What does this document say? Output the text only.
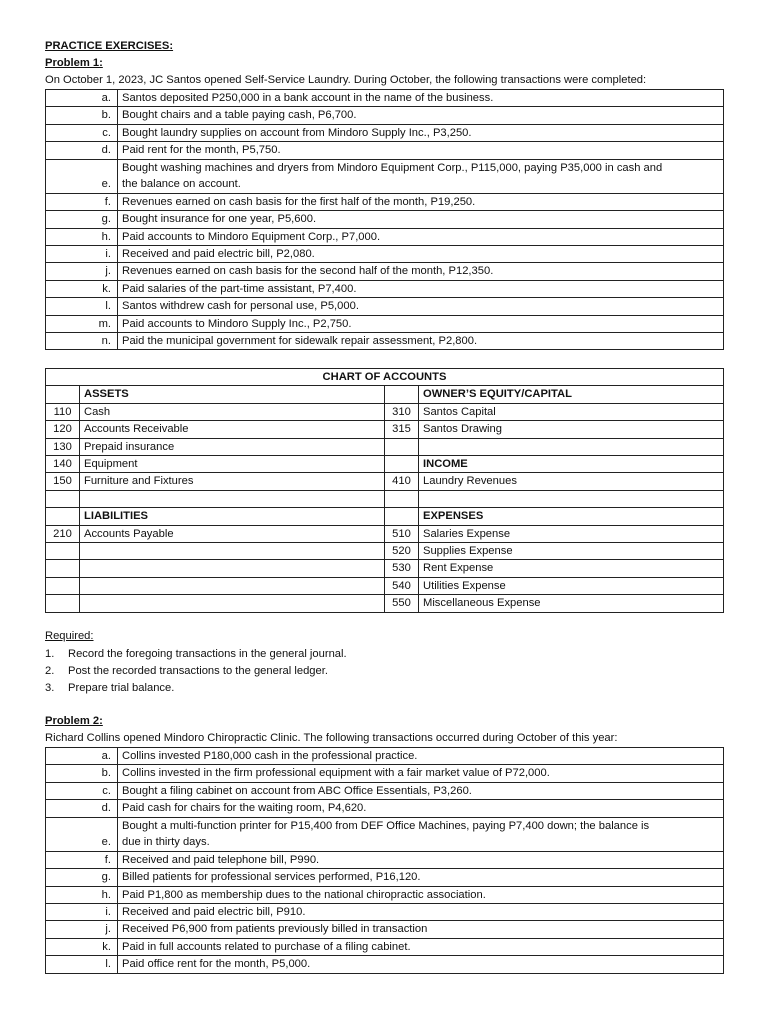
PRACTICE EXERCISES:
Problem 1:
On October 1, 2023, JC Santos opened Self-Service Laundry. During October, the following transactions were completed:
a.	Santos deposited P250,000 in a bank account in the name of the business.
b.	Bought chairs and a table paying cash, P6,700.
c.	Bought laundry supplies on account from Mindoro Supply Inc., P3,250.
d.	Paid rent for the month, P5,750.
e.	Bought washing machines and dryers from Mindoro Equipment Corp., P115,000, paying P35,000 in cash and
the balance on account.

f.	Revenues earned on cash basis for the first half of the month, P19,250.
g.	Bought insurance for one year, P5,600.
h.	Paid accounts to Mindoro Equipment Corp., P7,000.
i.	Received and paid electric bill, P2,080.
j.	Revenues earned on cash basis for the second half of the month, P12,350.
k.	Paid salaries of the part-time assistant, P7,400.
l.	Santos withdrew cash for personal use, P5,000.
m.	Paid accounts to Mindoro Supply Inc., P2,750.
n.	Paid the municipal government for sidewalk repair assessment, P2,800.
CHART OF ACCOUNTS			
	ASSETS		OWNER’S EQUITY/CAPITAL
110	Cash	310	Santos Capital
120	Accounts Receivable	315	Santos Drawing
130	Prepaid insurance		
140	Equipment		INCOME
150	Furniture and Fixtures	410	Laundry Revenues

	LIABILITIES		EXPENSES
210	Accounts Payable	510	Salaries Expense
		520	Supplies Expense
		530	Rent Expense
		540	Utilities Expense
		550	Miscellaneous Expense
Required:
1. Record the foregoing transactions in the general journal.
2. Post the recorded transactions to the general ledger.
3. Prepare trial balance.
Problem 2:
Richard Collins opened Mindoro Chiropractic Clinic. The following transactions occurred during October of this year:
a.	Collins invested P180,000 cash in the professional practice.
b.	Collins invested in the firm professional equipment with a fair market value of P72,000.
c.	Bought a filing cabinet on account from ABC Office Essentials, P3,260.
d.	Paid cash for chairs for the waiting room, P4,620.
e.	Bought a multi-function printer for P15,400 from DEF Office Machines, paying P7,400 down; the balance is
due in thirty days.

f.	Received and paid telephone bill, P990.
g.	Billed patients for professional services performed, P16,120.
h.	Paid P1,800 as membership dues to the national chiropractic association.
i.	Received and paid electric bill, P910.
j.	Received P6,900 from patients previously billed in transaction
k.	Paid in full accounts related to purchase of a filing cabinet.
l.	Paid office rent for the month, P5,000.
